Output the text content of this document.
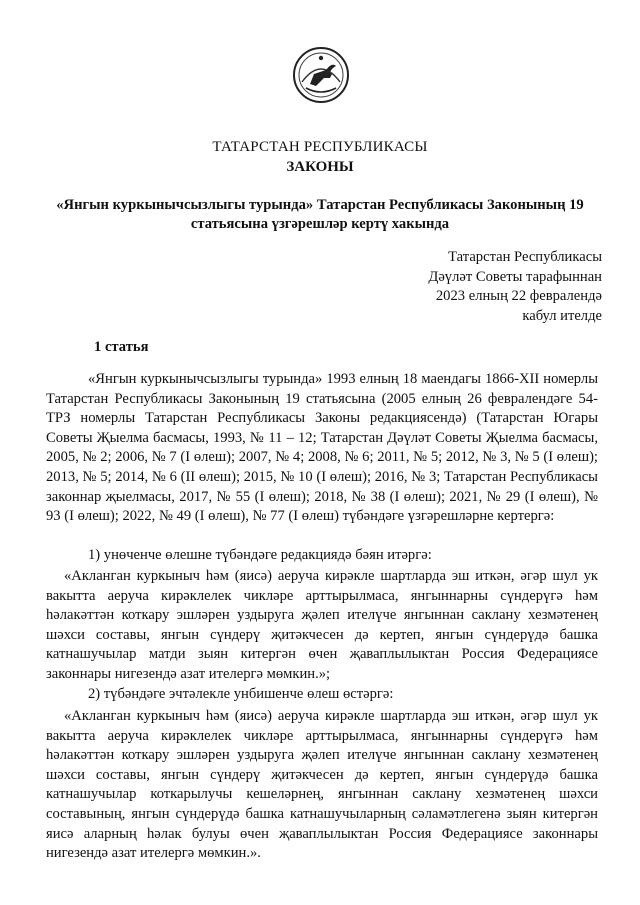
ТАТАРСТАН РЕСПУБЛИКАСЫ
ЗАКОНЫ
«Янгын куркынычсызлыгы турында» Татарстан Республикасы Законының 19 статьясына үзгәрешләр кертү хакында
Татарстан Республикасы
Дәүләт Советы тарафыннан
2023 елның 22 февралендә
кабул ителде
1 статья

«Янгын куркынычсызлыгы турында» 1993 елның 18 маендагы 1866-XII номерлы Татарстан Республикасы Законының 19 статьясына (2005 елның 26 февралендәге 54-ТРЗ номерлы Татарстан Республикасы Законы редакциясендә) (Татарстан Югары Советы Җыелма басмасы, 1993, № 11 – 12; Татарстан Дәүләт Советы Җыелма басмасы, 2005, № 2; 2006, № 7 (I өлеш); 2007, № 4; 2008, № 6; 2011, № 5; 2012, № 3, № 5 (I өлеш); 2013, № 5; 2014, № 6 (II өлеш); 2015, № 10 (I өлеш); 2016, № 3; Татарстан Республикасы законнар җыелмасы, 2017, № 55 (I өлеш); 2018, № 38 (I өлеш); 2021, № 29 (I өлеш), № 93 (I өлеш); 2022, № 49 (I өлеш), № 77 (I өлеш) түбәндәге үзгәрешләрне кертергә:

1) унөченче өлешне түбәндәге редакциядә бәян итәргә:

«Акланган куркыныч һәм (яисә) аеруча кирәкле шартларда эш иткән, әгәр шул ук вакытта аеруча кирәклелек чикләре арттырылмаса, янгыннарны сүндерүгә һәм һәлакәттән коткару эшләрен уздыруга җәлеп ителүче янгыннан саклану хезмәтенең шәхси составы, янгын сүндерү җитәкчесен дә кертеп, янгын сүндерүдә башка катнашучылар матди зыян китергән өчен җаваплылыктан Россия Федерациясе законнары нигезендә азат ителергә мөмкин.»;

2) түбәндәге эчтәлекле унбишенче өлеш өстәргә:

«Акланган куркыныч һәм (яисә) аеруча кирәкле шартларда эш иткән, әгәр шул ук вакытта аеруча кирәклелек чикләре арттырылмаса, янгыннарны сүндерүгә һәм һәлакәттән коткару эшләрен уздыруга җәлеп ителүче янгыннан саклану хезмәтенең шәхси составы, янгын сүндерү җитәкчесен дә кертеп, янгын сүндерүдә башка катнашучылар коткарылучы кешеләрнең, янгыннан саклану хезмәтенең шәхси составының, янгын сүндерүдә башка катнашучыларның сәламәтлегенә зыян китергән яисә аларның һәлак булуы өчен җаваплылыктан Россия Федерациясе законнары нигезендә азат ителергә мөмкин.».
